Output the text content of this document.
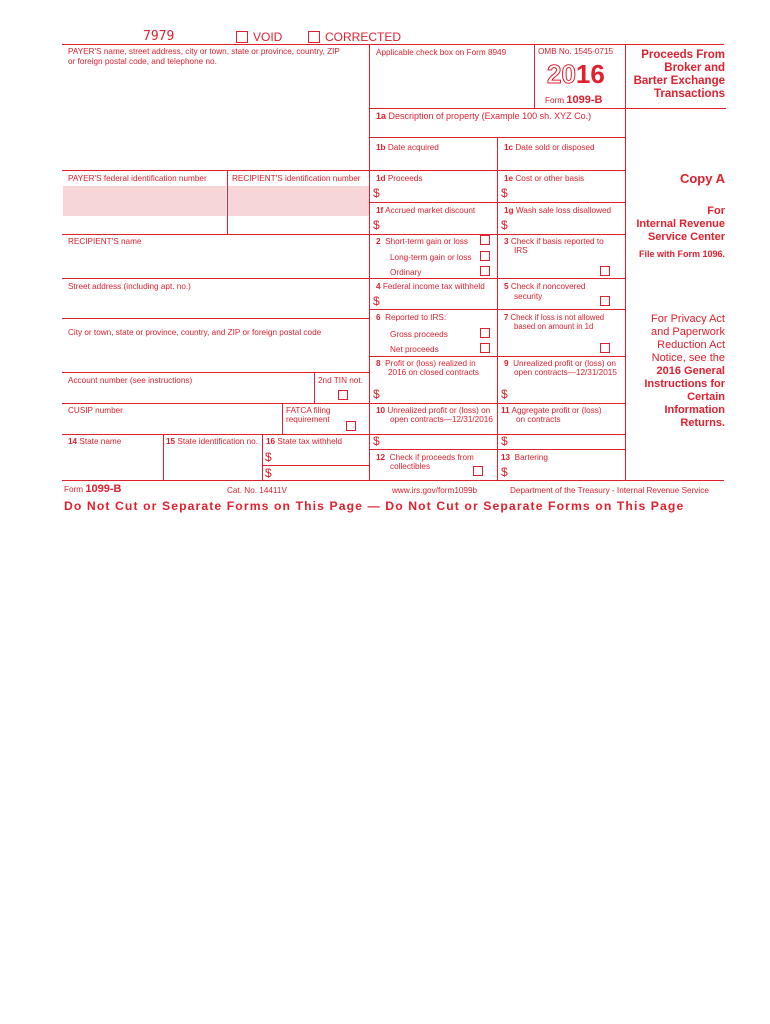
7979	VOID	CORRECTED
PAYER'S name, street address, city or town, state or province, country, ZIP
or foreign postal code, and telephone no.
PAYER'S federal identification number	RECIPIENT'S identification number
RECIPIENT'S name
Street address (including apt. no.)
City or town, state or province, country, and ZIP or foreign postal code
Account number (see instructions)	2nd TIN not.
CUSIP number	FATCA filing
requirement
14 State name	15 State identification no. 16 State tax withheld
$
$
Applicable check box on Form 8949	OMB No. 1545-0715
2016
Form 1099-B
1a Description of property (Example 100 sh. XYZ Co.)
1b Date acquired	1c Date sold or disposed
1d Proceeds
$
1e Cost or other basis
$
1f Accrued market discount
$
1g Wash sale loss disallowed
$
2 Short-term gain or loss
Long-term gain or loss
Ordinary
3 Check if basis reported to
IRS
4 Federal income tax withheld
$
5 Check if noncovered
security
6 Reported to IRS:
Gross proceeds
Net proceeds
7 Check if loss is not allowed
based on amount in 1d
8 Profit or (loss) realized in
2016 on closed contracts
$
9 Unrealized profit or (loss) on
open contracts—12/31/2015
$
10 Unrealized profit or (loss) on
open contracts—12/31/2016
$
11 Aggregate profit or (loss)
on contracts
$
12 Check if proceeds from
collectibles
13 Bartering
$
Proceeds From
Broker and
Barter Exchange
Transactions
Copy A
For
Internal Revenue
Service Center
File with Form 1096.
For Privacy Act
and Paperwork
Reduction Act
Notice, see the
2016 General
Instructions for
Certain
Information
Returns.
Form 1099-B	Cat. No. 14411V	www.irs.gov/form1099b	Department of the Treasury - Internal Revenue Service
Do Not Cut or Separate Forms on This Page — Do Not Cut or Separate Forms on This Page
